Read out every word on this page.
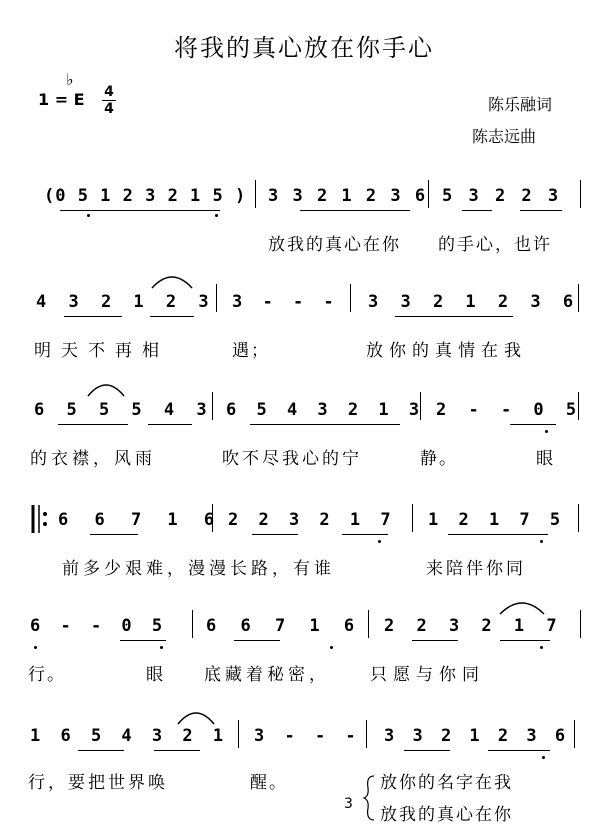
将我的真心放在你手心
1 = E
♭
4
4	陈乐融词
陈志远曲
(0 5 1 2 3 2 1 5 ) 3 3 2 1 2 3 6 5 3 2 2 3
放我的真心在你 的手心，也许
4 3 2 1 2 3 3 - - - 3 3 2 1 2 3 6
明天不再相	遇；	放你的真情在我
6 5 5 5 4 3 6 5 4 3 2 1 3 2 - - 0 5
的衣襟，风雨	吹不尽我心的宁	静。	眼
6 6 7 1 6 2 2 3 2 1 7 1 2 1 7 5
前多少艰难，漫漫长路，有谁	来陪伴你同
6 - - 0 5 6 6 7 1 6 2 2 3 2 1 7
行。	眼 底藏着秘密， 只愿与你同
1 6 5 4 3 2 1 3 - - - 3 3 2 1 2 3 6
行，要把世界唤	醒。	放你的名字在我
放我的真心在你
3
